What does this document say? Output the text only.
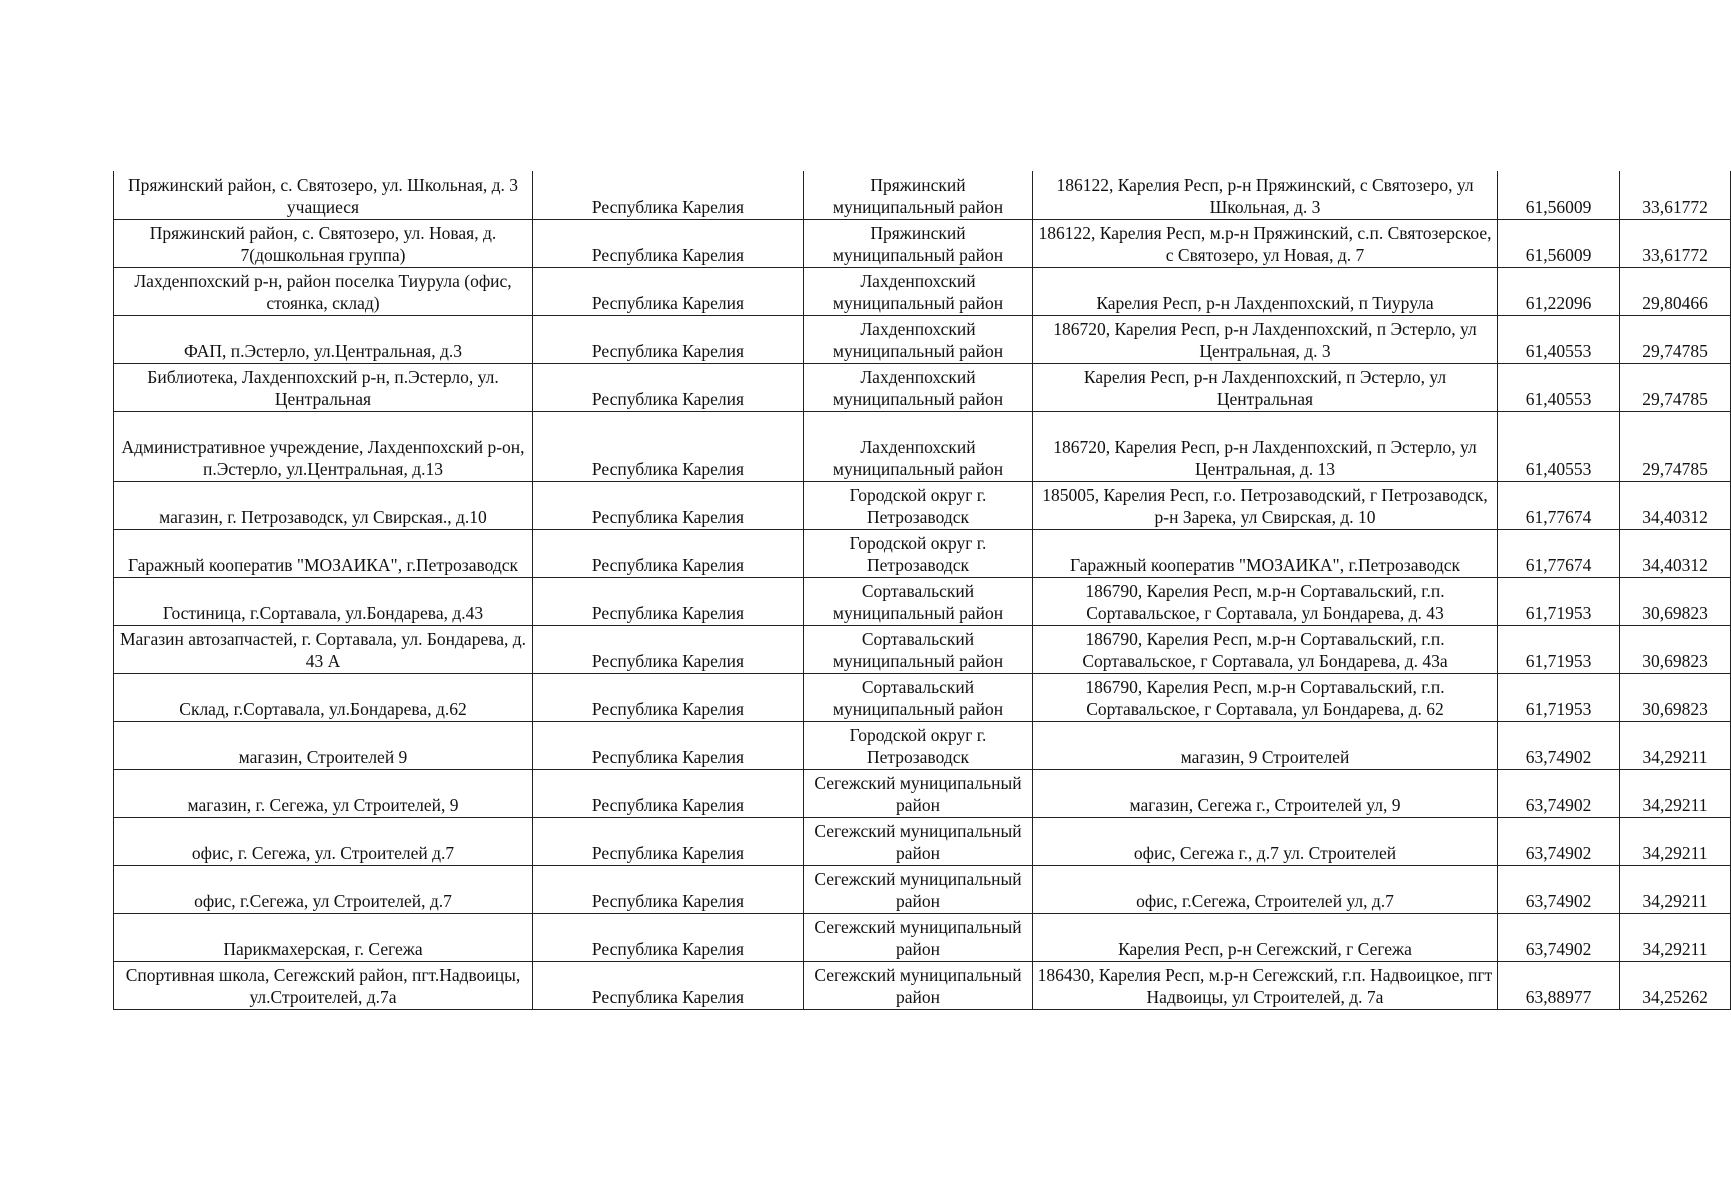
Пряжинский район, с. Святозеро, ул. Школьная, д. 3 учащиеся	Республика Карелия	Пряжинский муниципальный район	186122, Карелия Респ, р-н Пряжинский, с Святозеро, ул Школьная, д. 3	61,56009	33,61772
Пряжинский район, с. Святозеро, ул. Новая, д. 7(дошкольная группа)	Республика Карелия	Пряжинский муниципальный район	186122, Карелия Респ, м.р-н Пряжинский, с.п. Святозерское, с Святозеро, ул Новая, д. 7	61,56009	33,61772
Лахденпохский р-н, район поселка Тиурула (офис, стоянка, склад)	Республика Карелия	Лахденпохский муниципальный район	Карелия Респ, р-н Лахденпохский, п Тиурула	61,22096	29,80466
ФАП, п.Эстерло, ул.Центральная, д.3	Республика Карелия	Лахденпохский муниципальный район	186720, Карелия Респ, р-н Лахденпохский, п Эстерло, ул Центральная, д. 3	61,40553	29,74785
Библиотека, Лахденпохский р-н, п.Эстерло, ул. Центральная	Республика Карелия	Лахденпохский муниципальный район	Карелия Респ, р-н Лахденпохский, п Эстерло, ул Центральная	61,40553	29,74785
Административное учреждение, Лахденпохский р-он, п.Эстерло, ул.Центральная, д.13	Республика Карелия	Лахденпохский муниципальный район	186720, Карелия Респ, р-н Лахденпохский, п Эстерло, ул Центральная, д. 13	61,40553	29,74785
магазин, г. Петрозаводск, ул Свирская., д.10	Республика Карелия	Городской округ г. Петрозаводск	185005, Карелия Респ, г.о. Петрозаводский, г Петрозаводск, р-н Зарека, ул Свирская, д. 10	61,77674	34,40312
Гаражный кооператив "МОЗАИКА", г.Петрозаводск	Республика Карелия	Городской округ г. Петрозаводск	Гаражный кооператив "МОЗАИКА", г.Петрозаводск	61,77674	34,40312
Гостиница, г.Сортавала, ул.Бондарева, д.43	Республика Карелия	Сортавальский муниципальный район	186790, Карелия Респ, м.р-н Сортавальский, г.п. Сортавальское, г Сортавала, ул Бондарева, д. 43	61,71953	30,69823
Магазин автозапчастей, г. Сортавала, ул. Бондарева, д. 43 А	Республика Карелия	Сортавальский муниципальный район	186790, Карелия Респ, м.р-н Сортавальский, г.п. Сортавальское, г Сортавала, ул Бондарева, д. 43а	61,71953	30,69823
Склад, г.Сортавала, ул.Бондарева, д.62	Республика Карелия	Сортавальский муниципальный район	186790, Карелия Респ, м.р-н Сортавальский, г.п. Сортавальское, г Сортавала, ул Бондарева, д. 62	61,71953	30,69823
магазин, Строителей 9	Республика Карелия	Городской округ г. Петрозаводск	магазин, 9 Строителей	63,74902	34,29211
магазин, г. Сегежа, ул Строителей, 9	Республика Карелия	Сегежский муниципальный район	магазин, Сегежа г., Строителей ул, 9	63,74902	34,29211
офис, г. Сегежа, ул. Строителей д.7	Республика Карелия	Сегежский муниципальный район	офис, Сегежа г., д.7 ул. Строителей	63,74902	34,29211
офис, г.Сегежа, ул Строителей, д.7	Республика Карелия	Сегежский муниципальный район	офис, г.Сегежа, Строителей ул, д.7	63,74902	34,29211
Парикмахерская, г. Сегежа	Республика Карелия	Сегежский муниципальный район	Карелия Респ, р-н Сегежский, г Сегежа	63,74902	34,29211
Спортивная школа, Сегежский район, пгт.Надвоицы, ул.Строителей, д.7а	Республика Карелия	Сегежский муниципальный район	186430, Карелия Респ, м.р-н Сегежский, г.п. Надвоицкое, пгт Надвоицы, ул Строителей, д. 7а	63,88977	34,25262
